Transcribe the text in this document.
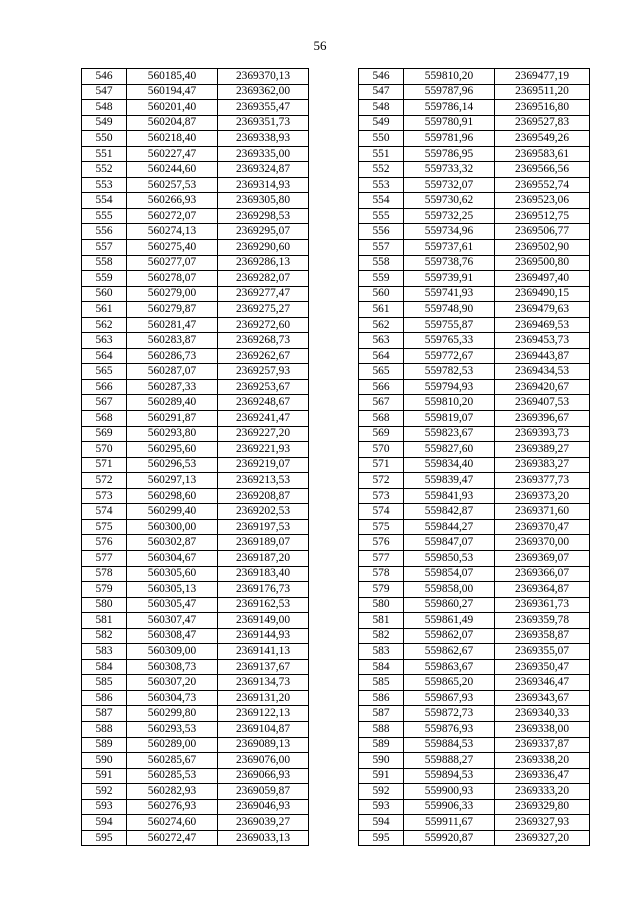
56
546	560185,40	2369370,13
547	560194,47	2369362,00
548	560201,40	2369355,47
549	560204,87	2369351,73
550	560218,40	2369338,93
551	560227,47	2369335,00
552	560244,60	2369324,87
553	560257,53	2369314,93
554	560266,93	2369305,80
555	560272,07	2369298,53
556	560274,13	2369295,07
557	560275,40	2369290,60
558	560277,07	2369286,13
559	560278,07	2369282,07
560	560279,00	2369277,47
561	560279,87	2369275,27
562	560281,47	2369272,60
563	560283,87	2369268,73
564	560286,73	2369262,67
565	560287,07	2369257,93
566	560287,33	2369253,67
567	560289,40	2369248,67
568	560291,87	2369241,47
569	560293,80	2369227,20
570	560295,60	2369221,93
571	560296,53	2369219,07
572	560297,13	2369213,53
573	560298,60	2369208,87
574	560299,40	2369202,53
575	560300,00	2369197,53
576	560302,87	2369189,07
577	560304,67	2369187,20
578	560305,60	2369183,40
579	560305,13	2369176,73
580	560305,47	2369162,53
581	560307,47	2369149,00
582	560308,47	2369144,93
583	560309,00	2369141,13
584	560308,73	2369137,67
585	560307,20	2369134,73
586	560304,73	2369131,20
587	560299,80	2369122,13
588	560293,53	2369104,87
589	560289,00	2369089,13
590	560285,67	2369076,00
591	560285,53	2369066,93
592	560282,93	2369059,87
593	560276,93	2369046,93
594	560274,60	2369039,27
595	560272,47	2369033,13
546	559810,20	2369477,19
547	559787,96	2369511,20
548	559786,14	2369516,80
549	559780,91	2369527,83
550	559781,96	2369549,26
551	559786,95	2369583,61
552	559733,32	2369566,56
553	559732,07	2369552,74
554	559730,62	2369523,06
555	559732,25	2369512,75
556	559734,96	2369506,77
557	559737,61	2369502,90
558	559738,76	2369500,80
559	559739,91	2369497,40
560	559741,93	2369490,15
561	559748,90	2369479,63
562	559755,87	2369469,53
563	559765,33	2369453,73
564	559772,67	2369443,87
565	559782,53	2369434,53
566	559794,93	2369420,67
567	559810,20	2369407,53
568	559819,07	2369396,67
569	559823,67	2369393,73
570	559827,60	2369389,27
571	559834,40	2369383,27
572	559839,47	2369377,73
573	559841,93	2369373,20
574	559842,87	2369371,60
575	559844,27	2369370,47
576	559847,07	2369370,00
577	559850,53	2369369,07
578	559854,07	2369366,07
579	559858,00	2369364,87
580	559860,27	2369361,73
581	559861,49	2369359,78
582	559862,07	2369358,87
583	559862,67	2369355,07
584	559863,67	2369350,47
585	559865,20	2369346,47
586	559867,93	2369343,67
587	559872,73	2369340,33
588	559876,93	2369338,00
589	559884,53	2369337,87
590	559888,27	2369338,20
591	559894,53	2369336,47
592	559900,93	2369333,20
593	559906,33	2369329,80
594	559911,67	2369327,93
595	559920,87	2369327,20
